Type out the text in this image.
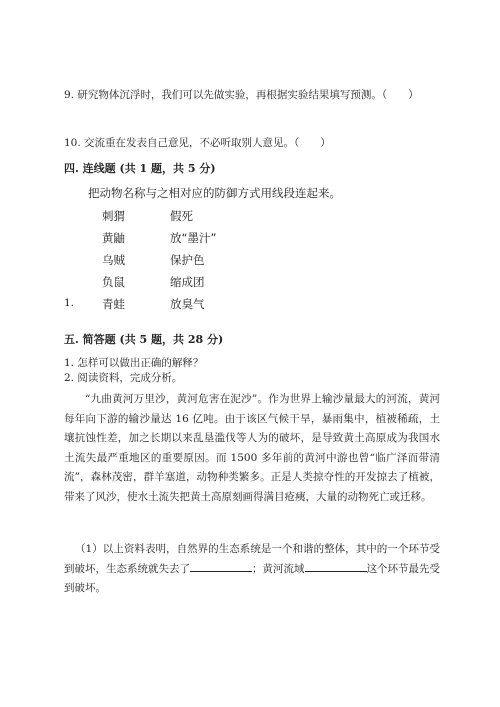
9. 研究物体沉浮时，我们可以先做实验，再根据实验结果填写预测。（　　）
10. 交流重在发表自己意见，不必听取别人意见。（　　）
四. 连线题 (共 1 题，共 5 分)
把动物名称与之相对应的防御方式用线段连起来。
刺猬	假死
黄鼬	放“墨汁”
乌贼	保护色
负鼠	缩成团
青蛙	放臭气
1.
五. 简答题 (共 5 题，共 28 分)
1. 怎样可以做出正确的解释？
2. 阅读资料，完成分析。
“九曲黄河万里沙，黄河危害在泥沙”。作为世界上输沙量最大的河流，黄河每年向下游的输沙量达 16 亿吨。由于该区气候干旱，暴雨集中，植被稀疏，土壤抗蚀性差，加之长期以来乱垦滥伐等人为的破坏，是导致黄土高原成为我国水土流失最严重地区的重要原因。而 1500 多年前的黄河中游也曾“临广泽而带清流”，森林茂密，群羊塞道，动物种类繁多。正是人类掠夺性的开发掠去了植被，带来了风沙，使水土流失把黄土高原刻画得满目疮痍，大量的动物死亡或迁移。
（1）以上资料表明，自然界的生态系统是一个和谐的整体，其中的一个环节受到破坏，生态系统就失去了	；黄河流域	这个环节最先受到破坏。
